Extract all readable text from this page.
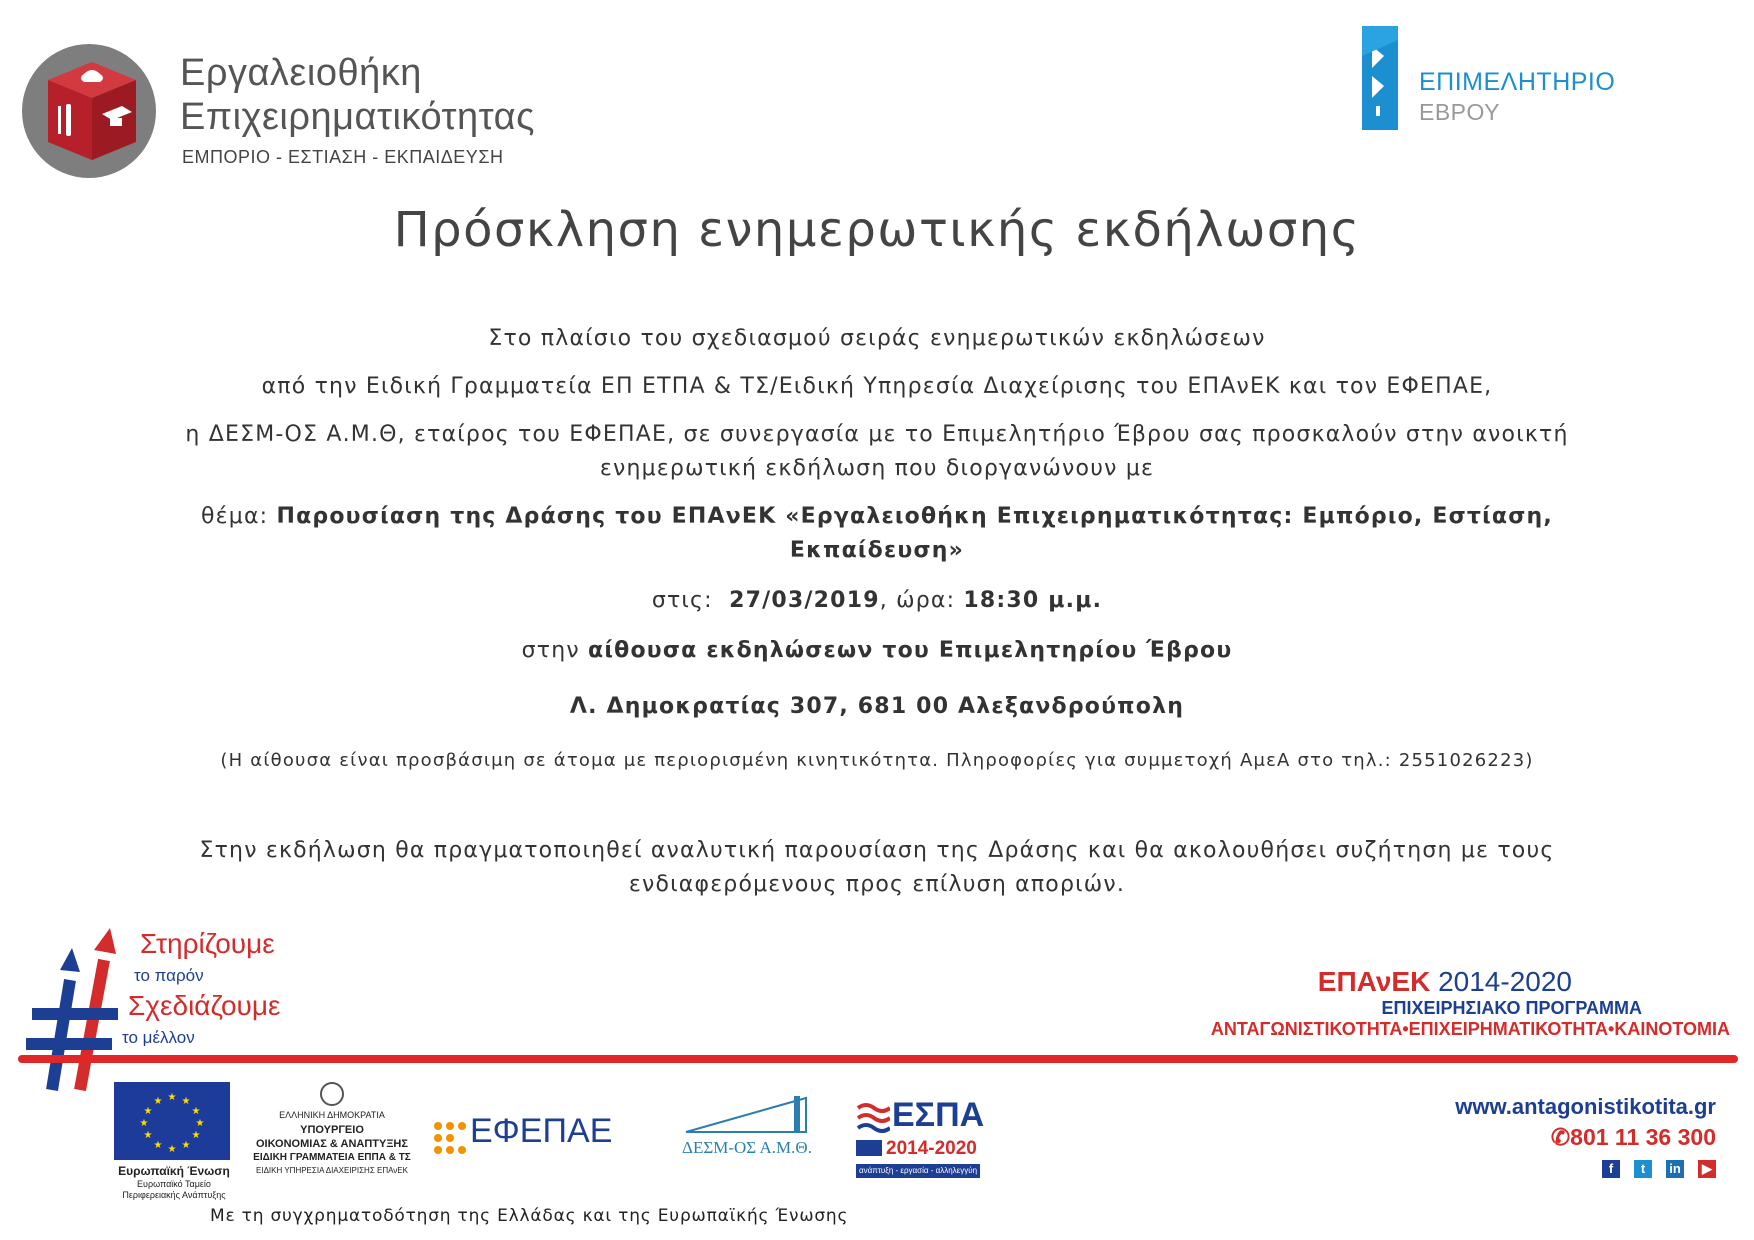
Εργαλειοθήκη
Επιχειρηματικότητας
ΕΜΠΟΡΙΟ - ΕΣΤΙΑΣΗ - ΕΚΠΑΙΔΕΥΣΗ
ΕΠΙΜΕΛΗΤΗΡΙΟ
ΕΒΡΟΥ
Πρόσκληση ενημερωτικής εκδήλωσης
Στο πλαίσιο του σχεδιασμού σειράς ενημερωτικών εκδηλώσεων
από την Ειδική Γραμματεία ΕΠ ΕΤΠΑ & ΤΣ/Ειδική Υπηρεσία Διαχείρισης του ΕΠΑνΕΚ και τον ΕΦΕΠΑΕ,
η ΔΕΣΜ-ΟΣ Α.Μ.Θ, εταίρος του ΕΦΕΠΑΕ, σε συνεργασία με το Επιμελητήριο Έβρου σας προσκαλούν στην ανοικτή
ενημερωτική εκδήλωση που διοργανώνουν με
θέμα: Παρουσίαση της Δράσης του ΕΠΑνΕΚ «Εργαλειοθήκη Επιχειρηματικότητας: Εμπόριο, Εστίαση,
Εκπαίδευση»
στις: 27/03/2019, ώρα: 18:30 μ.μ.
στην αίθουσα εκδηλώσεων του Επιμελητηρίου Έβρου
Λ. Δημοκρατίας 307, 681 00 Αλεξανδρούπολη
(Η αίθουσα είναι προσβάσιμη σε άτομα με περιορισμένη κινητικότητα. Πληροφορίες για συμμετοχή ΑμεΑ στο τηλ.: 2551026223)
Στην εκδήλωση θα πραγματοποιηθεί αναλυτική παρουσίαση της Δράσης και θα ακολουθήσει συζήτηση με τους
ενδιαφερόμενους προς επίλυση αποριών.
Στηρίζουμε
το παρόν
Σχεδιάζουμε
το μέλλον
ΕΠΑνΕΚ 2014-2020
ΕΠΙΧΕΙΡΗΣΙΑΚΟ ΠΡΟΓΡΑΜΜΑ
ΑΝΤΑΓΩΝΙΣΤΙΚΟΤΗΤΑ•ΕΠΙΧΕΙΡΗΜΑΤΙΚΟΤΗΤΑ•ΚΑΙΝΟΤΟΜΙΑ
★ ★
★
★
★
★
★
★
★
★
★
★
Ευρωπαϊκή Ένωση
Ευρωπαϊκό Ταμείο
Περιφερειακής Ανάπτυξης
ΕΛΛΗΝΙΚΗ ΔΗΜΟΚΡΑΤΙΑ
ΥΠΟΥΡΓΕΙΟ
ΟΙΚΟΝΟΜΙΑΣ & ΑΝΑΠΤΥΞΗΣ
ΕΙΔΙΚΗ ΓΡΑΜΜΑΤΕΙΑ ΕΠΠΑ & ΤΣ
ΕΙΔΙΚΗ ΥΠΗΡΕΣΙΑ ΔΙΑΧΕΙΡΙΣΗΣ ΕΠΑνΕΚ
ΕΦΕΠΑΕ	ΔΕΣΜ-ΟΣ Α.Μ.Θ.
ΕΣΠΑ
2014-2020
ανάπτυξη - εργασία - αλληλεγγύη
www.antagonistikotita.gr
✆801 11 36 300
f t in ▶
Με τη συγχρηματοδότηση της Ελλάδας και της Ευρωπαϊκής Ένωσης
